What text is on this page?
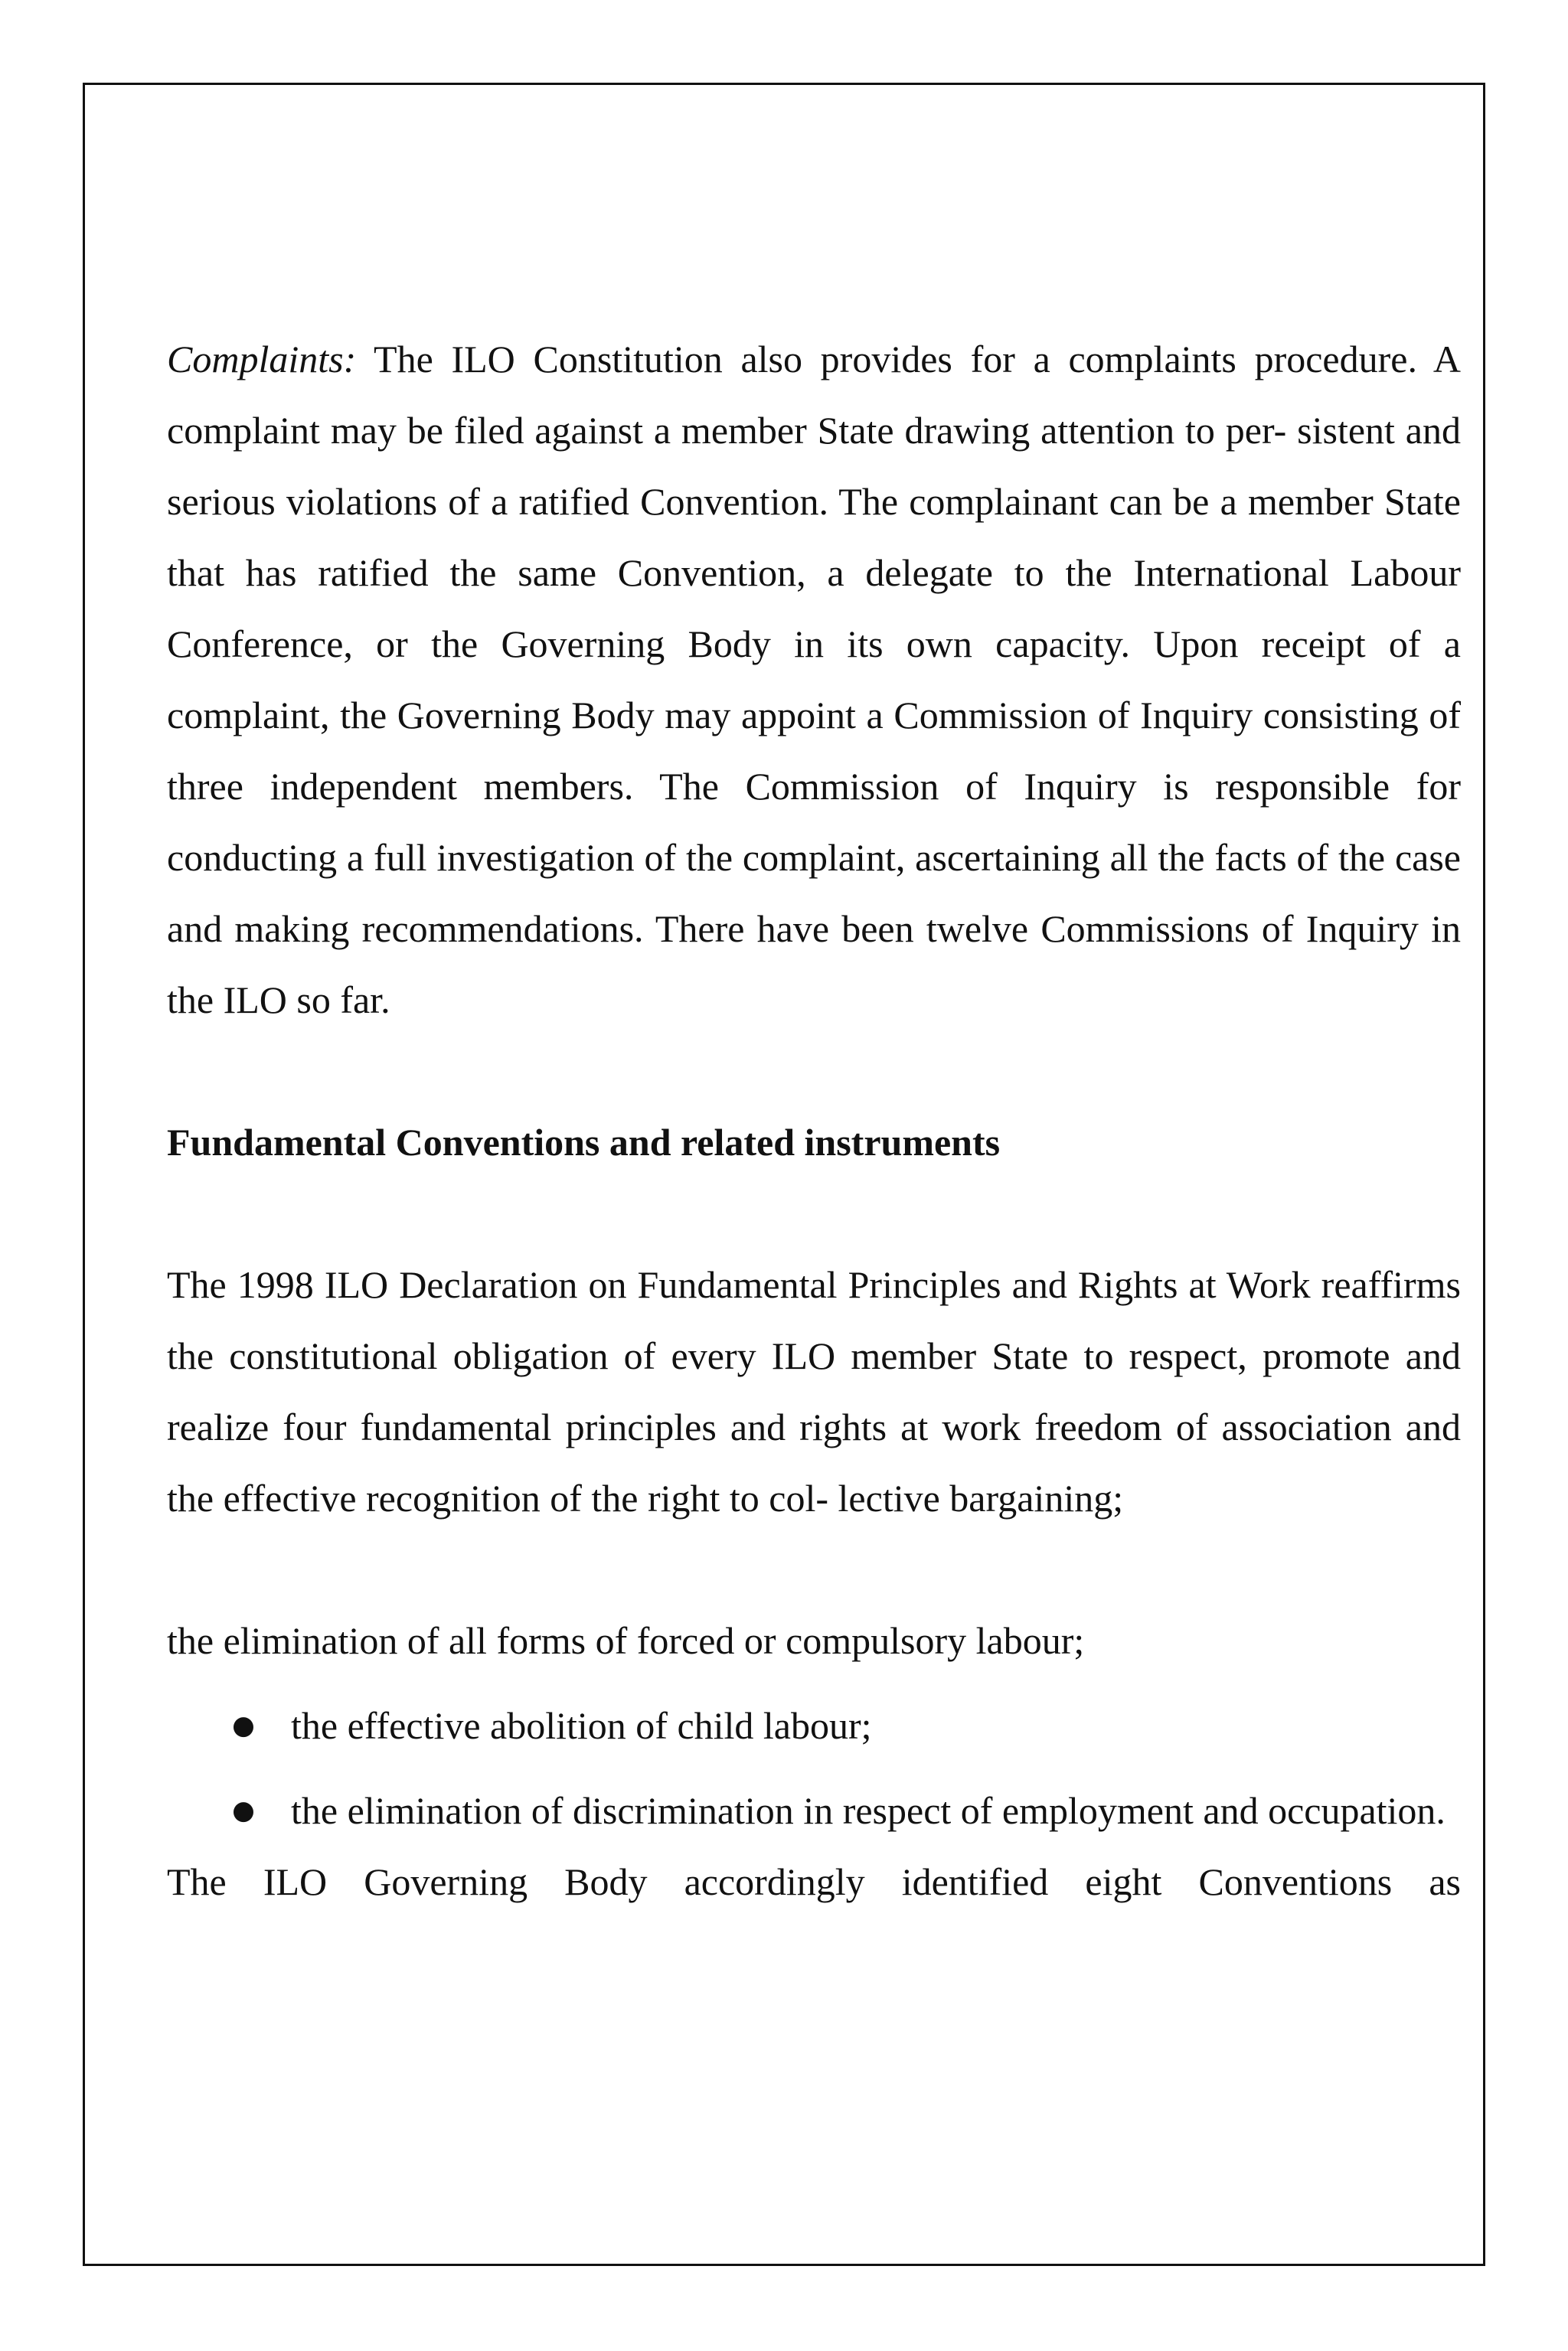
Complaints: The ILO Constitution also provides for a complaints procedure. A complaint may be filed against a member State drawing attention to per- sistent and serious violations of a ratified Convention. The complainant can be a member State that has ratified the same Convention, a delegate to the International Labour Conference, or the Governing Body in its own capacity. Upon receipt of a complaint, the Governing Body may appoint a Commission of Inquiry consisting of three independent members. The Commission of Inquiry is responsible for conducting a full investigation of the complaint, ascertaining all the facts of the case and making recommendations. There have been twelve Commissions of Inquiry in the ILO so far.

Fundamental Conventions and related instruments

The 1998 ILO Declaration on Fundamental Principles and Rights at Work reaffirms the constitutional obligation of every ILO member State to respect, promote and realize four fundamental principles and rights at work freedom of association and the effective recognition of the right to col- lective bargaining;

the elimination of all forms of forced or compulsory labour;

● the effective abolition of child labour;
● the elimination of discrimination in respect of employment and occupation.

The ILO Governing Body accordingly identified eight Conventions as
